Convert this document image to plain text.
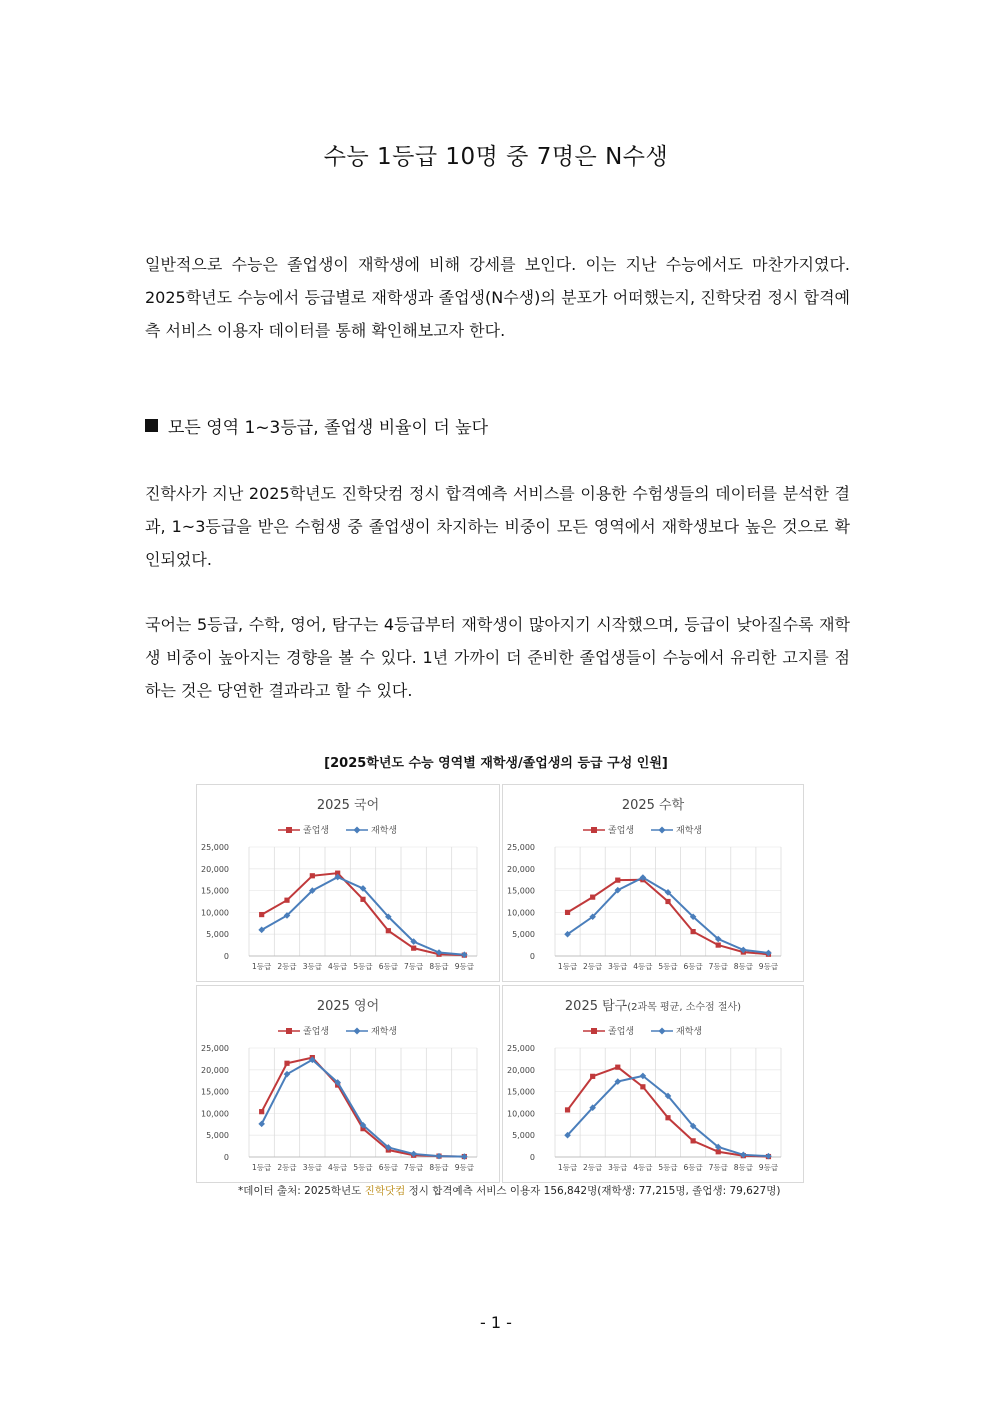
수능 1등급 10명 중 7명은 N수생

일반적으로 수능은 졸업생이 재학생에 비해 강세를 보인다. 이는 지난 수능에서도 마찬가지였다. 2025학년도 수능에서 등급별로 재학생과 졸업생(N수생)의 분포가 어떠했는지, 진학닷컴 정시 합격예측 서비스 이용자 데이터를 통해 확인해보고자 한다.

모든 영역 1~3등급, 졸업생 비율이 더 높다

진학사가 지난 2025학년도 진학닷컴 정시 합격예측 서비스를 이용한 수험생들의 데이터를 분석한 결과, 1~3등급을 받은 수험생 중 졸업생이 차지하는 비중이 모든 영역에서 재학생보다 높은 것으로 확인되었다.

국어는 5등급, 수학, 영어, 탐구는 4등급부터 재학생이 많아지기 시작했으며, 등급이 낮아질수록 재학생 비중이 높아지는 경향을 볼 수 있다. 1년 가까이 더 준비한 졸업생들이 수능에서 유리한 고지를 점하는 것은 당연한 결과라고 할 수 있다.

[2025학년도 수능 영역별 재학생/졸업생의 등급 구성 인원]
2025 국어
졸업생	재학생
25,000
20,000
15,000
10,000
5,000
0
1등급 2등급 3등급 4등급 5등급 6등급 7등급 8등급 9등급
2025 수학
졸업생	재학생
25,000
20,000
15,000
10,000
5,000
0
1등급 2등급 3등급 4등급 5등급 6등급 7등급 8등급 9등급
2025 영어
졸업생	재학생
25,000
20,000
15,000
10,000
5,000
0
1등급 2등급 3등급 4등급 5등급 6등급 7등급 8등급 9등급
2025 탐구(2과목 평균, 소수점 절사)
졸업생	재학생
25,000
20,000
15,000
10,000
5,000
0
1등급 2등급 3등급 4등급 5등급 6등급 7등급 8등급 9등급
*데이터 출처: 2025학년도 진학닷컴 정시 합격예측 서비스 이용자 156,842명(재학생: 77,215명, 졸업생: 79,627명)
- 1 -
